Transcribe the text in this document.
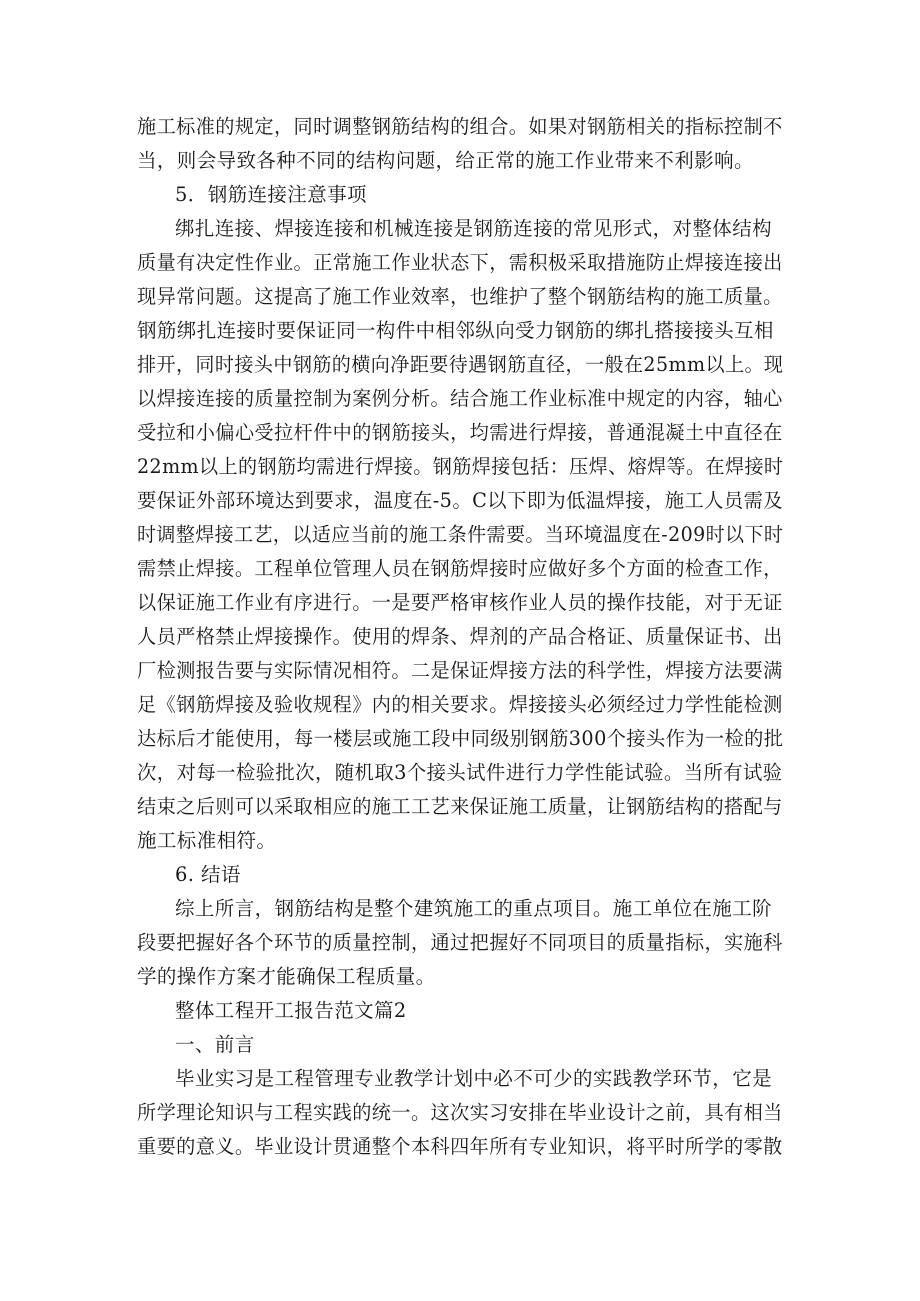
施工标准的规定，同时调整钢筋结构的组合。如果对钢筋相关的指标控制不
当，则会导致各种不同的结构问题，给正常的施工作业带来不利影响。
5．钢筋连接注意事项
绑扎连接、焊接连接和机械连接是钢筋连接的常见形式，对整体结构
质量有决定性作业。正常施工作业状态下，需积极采取措施防止焊接连接出
现异常问题。这提高了施工作业效率，也维护了整个钢筋结构的施工质量。
钢筋绑扎连接时要保证同一构件中相邻纵向受力钢筋的绑扎搭接接头互相
排开，同时接头中钢筋的横向净距要待遇钢筋直径，一般在25mm以上。现
以焊接连接的质量控制为案例分析。结合施工作业标准中规定的内容，轴心
受拉和小偏心受拉杆件中的钢筋接头，均需进行焊接，普通混凝土中直径在
22mm以上的钢筋均需进行焊接。钢筋焊接包括：压焊、熔焊等。在焊接时
要保证外部环境达到要求，温度在-5。C以下即为低温焊接，施工人员需及
时调整焊接工艺，以适应当前的施工条件需要。当环境温度在-209时以下时
需禁止焊接。工程单位管理人员在钢筋焊接时应做好多个方面的检查工作，
以保证施工作业有序进行。一是要严格审核作业人员的操作技能，对于无证
人员严格禁止焊接操作。使用的焊条、焊剂的产品合格证、质量保证书、出
厂检测报告要与实际情况相符。二是保证焊接方法的科学性，焊接方法要满
足《钢筋焊接及验收规程》内的相关要求。焊接接头必须经过力学性能检测
达标后才能使用，每一楼层或施工段中同级别钢筋300个接头作为一检的批
次，对每一检验批次，随机取3个接头试件进行力学性能试验。当所有试验
结束之后则可以采取相应的施工工艺来保证施工质量，让钢筋结构的搭配与
施工标准相符。
6. 结语
综上所言，钢筋结构是整个建筑施工的重点项目。施工单位在施工阶
段要把握好各个环节的质量控制，通过把握好不同项目的质量指标，实施科
学的操作方案才能确保工程质量。
整体工程开工报告范文篇2
一、前言
毕业实习是工程管理专业教学计划中必不可少的实践教学环节，它是
所学理论知识与工程实践的统一。这次实习安排在毕业设计之前，具有相当
重要的意义。毕业设计贯通整个本科四年所有专业知识，将平时所学的零散
